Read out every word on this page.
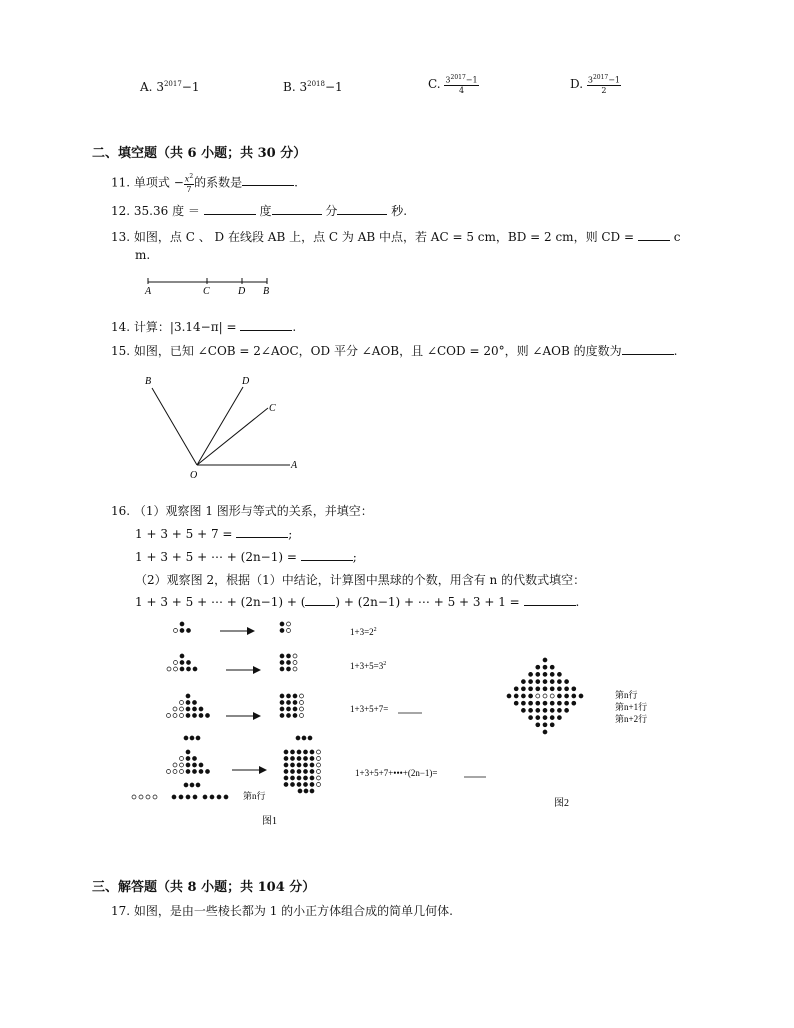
A. $3^{2017}-1$	B. $3^{2018}-1$	C. $\frac{3^{2017}-1}{4}$	D. $\frac{3^{2017}-1}{2}$
二、填空题（共 6 小题；共 30 分）
11. 单项式 − $\frac{x^2}{7}$ 的系数是	.
12. 35.36 度 ＝	度	分	秒.
13. 如图，点 C 、 D 在线段 AB 上，点 C 为 AB 中点，若 AC = 5 cm，BD = 2 cm，则 CD =	c
m.
A	C	D B
14. 计算：|3.14−π| =	.
15. 如图，已知 ∠COB = 2∠AOC，OD 平分 ∠AOB，且 ∠COD = 20°，则 ∠AOB 的度数为	.
B	D
C
O
A
16. （1）观察图 1 图形与等式的关系，并填空：
1 + 3 + 5 + 7 =	;
1 + 3 + 5 + ⋯ + (2n−1) =	;
（2）观察图 2，根据（1）中结论，计算图中黑球的个数，用含有 n 的代数式填空：
1 + 3 + 5 + ⋯ + (2n−1) + (	) + (2n−1) + ⋯ + 5 + 3 + 1 =	.
$1+3=2^2$
$1+3+5=3^2$
1+3+5+7=
1+3+5+7+•••+(2n−1)=
第n行
图1
第n行
第n+1行
第n+2行
图2
三、解答题（共 8 小题；共 104 分）
17. 如图，是由一些棱长都为 1 的小正方体组合成的简单几何体.
